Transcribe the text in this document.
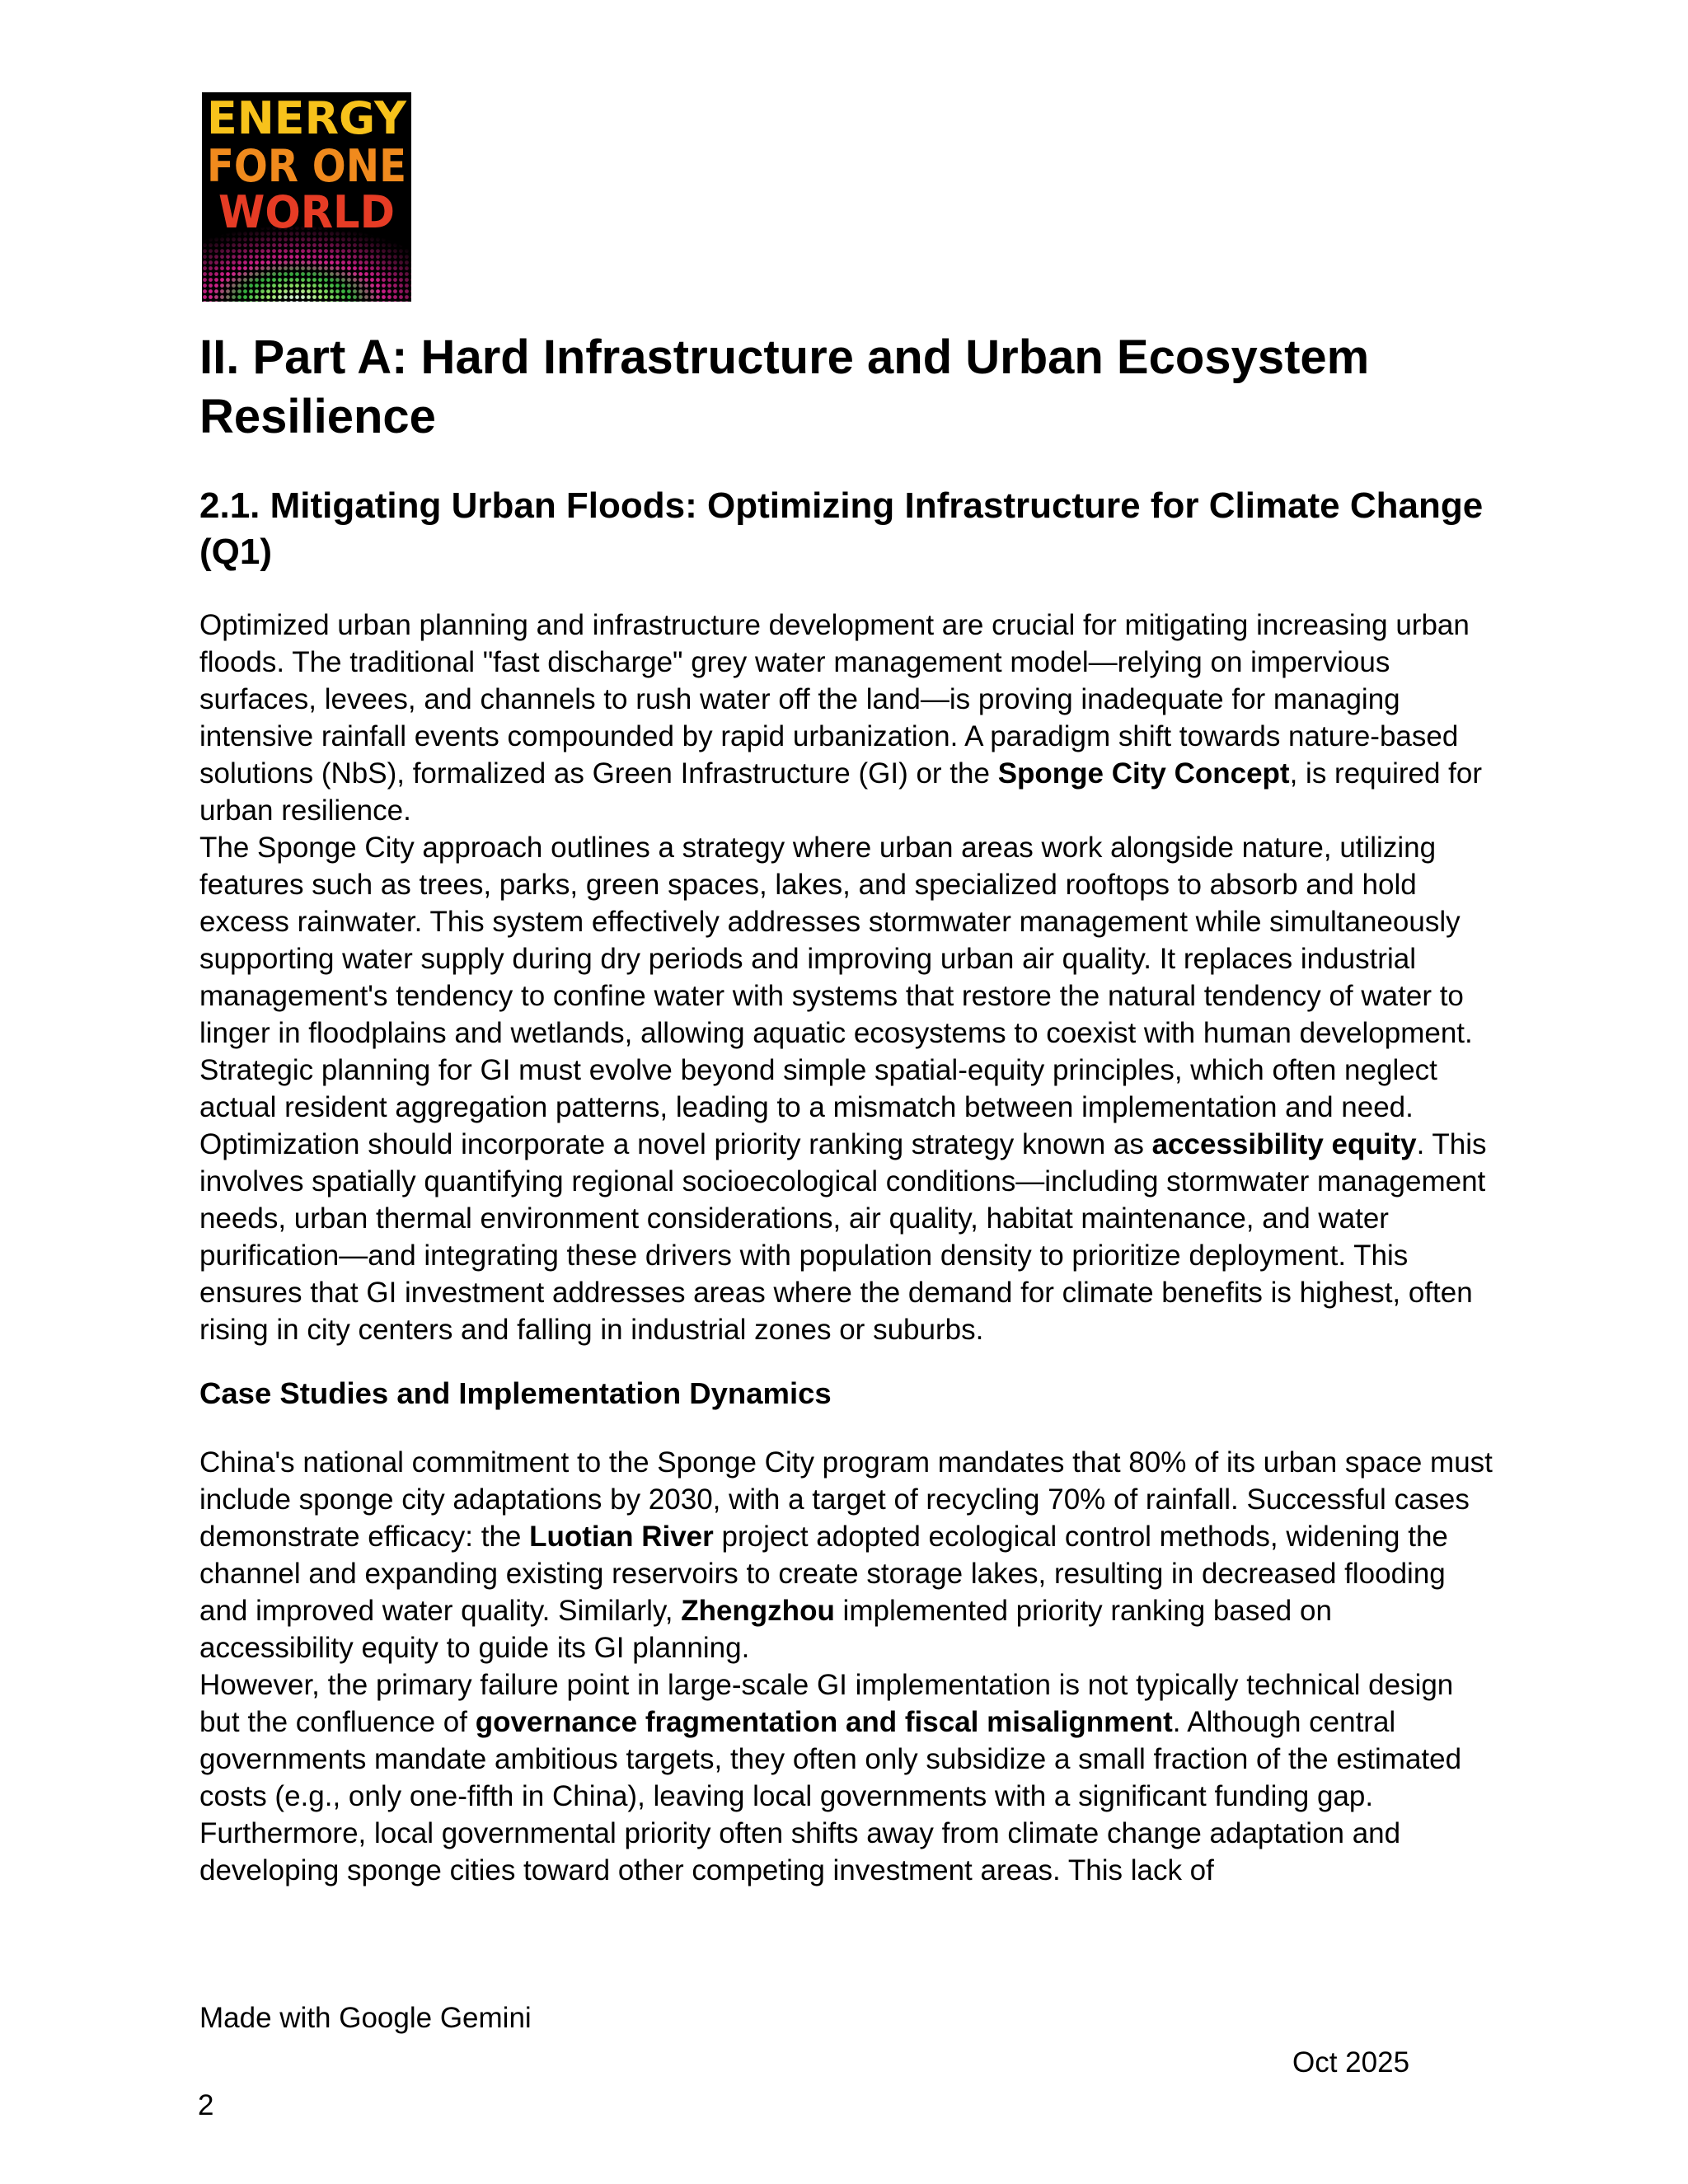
ENERGY
FOR ONE
WORLD
II. Part A: Hard Infrastructure and Urban Ecosystem Resilience
2.1. Mitigating Urban Floods: Optimizing Infrastructure for Climate Change (Q1)

Optimized urban planning and infrastructure development are crucial for mitigating increasing urban floods. The traditional "fast discharge" grey water management model—relying on impervious surfaces, levees, and channels to rush water off the land—is proving inadequate for managing intensive rainfall events compounded by rapid urbanization. A paradigm shift towards nature-based solutions (NbS), formalized as Green Infrastructure (GI) or the Sponge City Concept, is required for urban resilience.

The Sponge City approach outlines a strategy where urban areas work alongside nature, utilizing features such as trees, parks, green spaces, lakes, and specialized rooftops to absorb and hold excess rainwater. This system effectively addresses stormwater management while simultaneously supporting water supply during dry periods and improving urban air quality. It replaces industrial management's tendency to confine water with systems that restore the natural tendency of water to linger in floodplains and wetlands, allowing aquatic ecosystems to coexist with human development.

Strategic planning for GI must evolve beyond simple spatial-equity principles, which often neglect actual resident aggregation patterns, leading to a mismatch between implementation and need. Optimization should incorporate a novel priority ranking strategy known as accessibility equity. This involves spatially quantifying regional socioecological conditions—including stormwater management needs, urban thermal environment considerations, air quality, habitat maintenance, and water purification—and integrating these drivers with population density to prioritize deployment. This ensures that GI investment addresses areas where the demand for climate benefits is highest, often rising in city centers and falling in industrial zones or suburbs.

Case Studies and Implementation Dynamics

China's national commitment to the Sponge City program mandates that 80% of its urban space must include sponge city adaptations by 2030, with a target of recycling 70% of rainfall. Successful cases demonstrate efficacy: the Luotian River project adopted ecological control methods, widening the channel and expanding existing reservoirs to create storage lakes, resulting in decreased flooding and improved water quality. Similarly, Zhengzhou implemented priority ranking based on accessibility equity to guide its GI planning.

However, the primary failure point in large-scale GI implementation is not typically technical design but the confluence of governance fragmentation and fiscal misalignment. Although central governments mandate ambitious targets, they often only subsidize a small fraction of the estimated costs (e.g., only one-fifth in China), leaving local governments with a significant funding gap. Furthermore, local governmental priority often shifts away from climate change adaptation and developing sponge cities toward other competing investment areas. This lack of

Made with Google Gemini
Oct 2025
2
